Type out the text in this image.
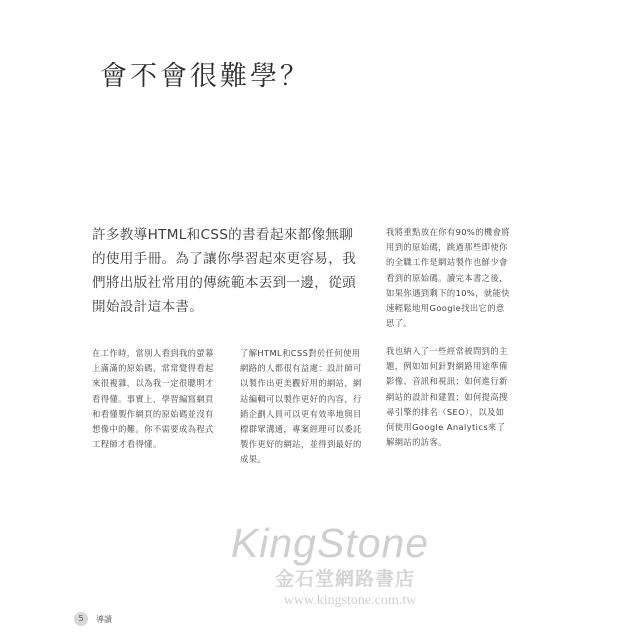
會不會很難學？
許多教導HTML和CSS的書看起來都像無聊的使用手冊。為了讓你學習起來更容易，我們將出版社常用的傳統範本丟到一邊，從頭開始設計這本書。

我將重點放在你有90%的機會將用到的原始碼，跳過那些即使你的全職工作是網站製作也鮮少會看到的原始碼。讀完本書之後，如果你遇到剩下的10%，就能快速輕鬆地用Google找出它的意思了。

在工作時，當別人看到我的螢幕上滿滿的原始碼，常常覺得看起來很複雜，以為我一定很聰明才看得懂。事實上，學習編寫網頁和看懂製作網頁的原始碼並沒有想像中的難。你不需要成為程式工程師才看得懂。

了解HTML和CSS對於任何使用網路的人都很有益處：設計師可以製作出更美觀好用的網站，網站編輯可以製作更好的內容，行銷企劃人員可以更有效率地與目標群眾溝通，專案經理可以委託製作更好的網站，並得到最好的成果。

我也納入了一些經常被問到的主題，例如如何針對網路用途準備影像、音訊和視訊；如何進行新網站的設計和建置；如何提高搜尋引擎的排名（SEO），以及如何使用Google Analytics來了解網站的訪客。

KingStone
金石堂網路書店
www.kingstone.com.tw
5	導讀
